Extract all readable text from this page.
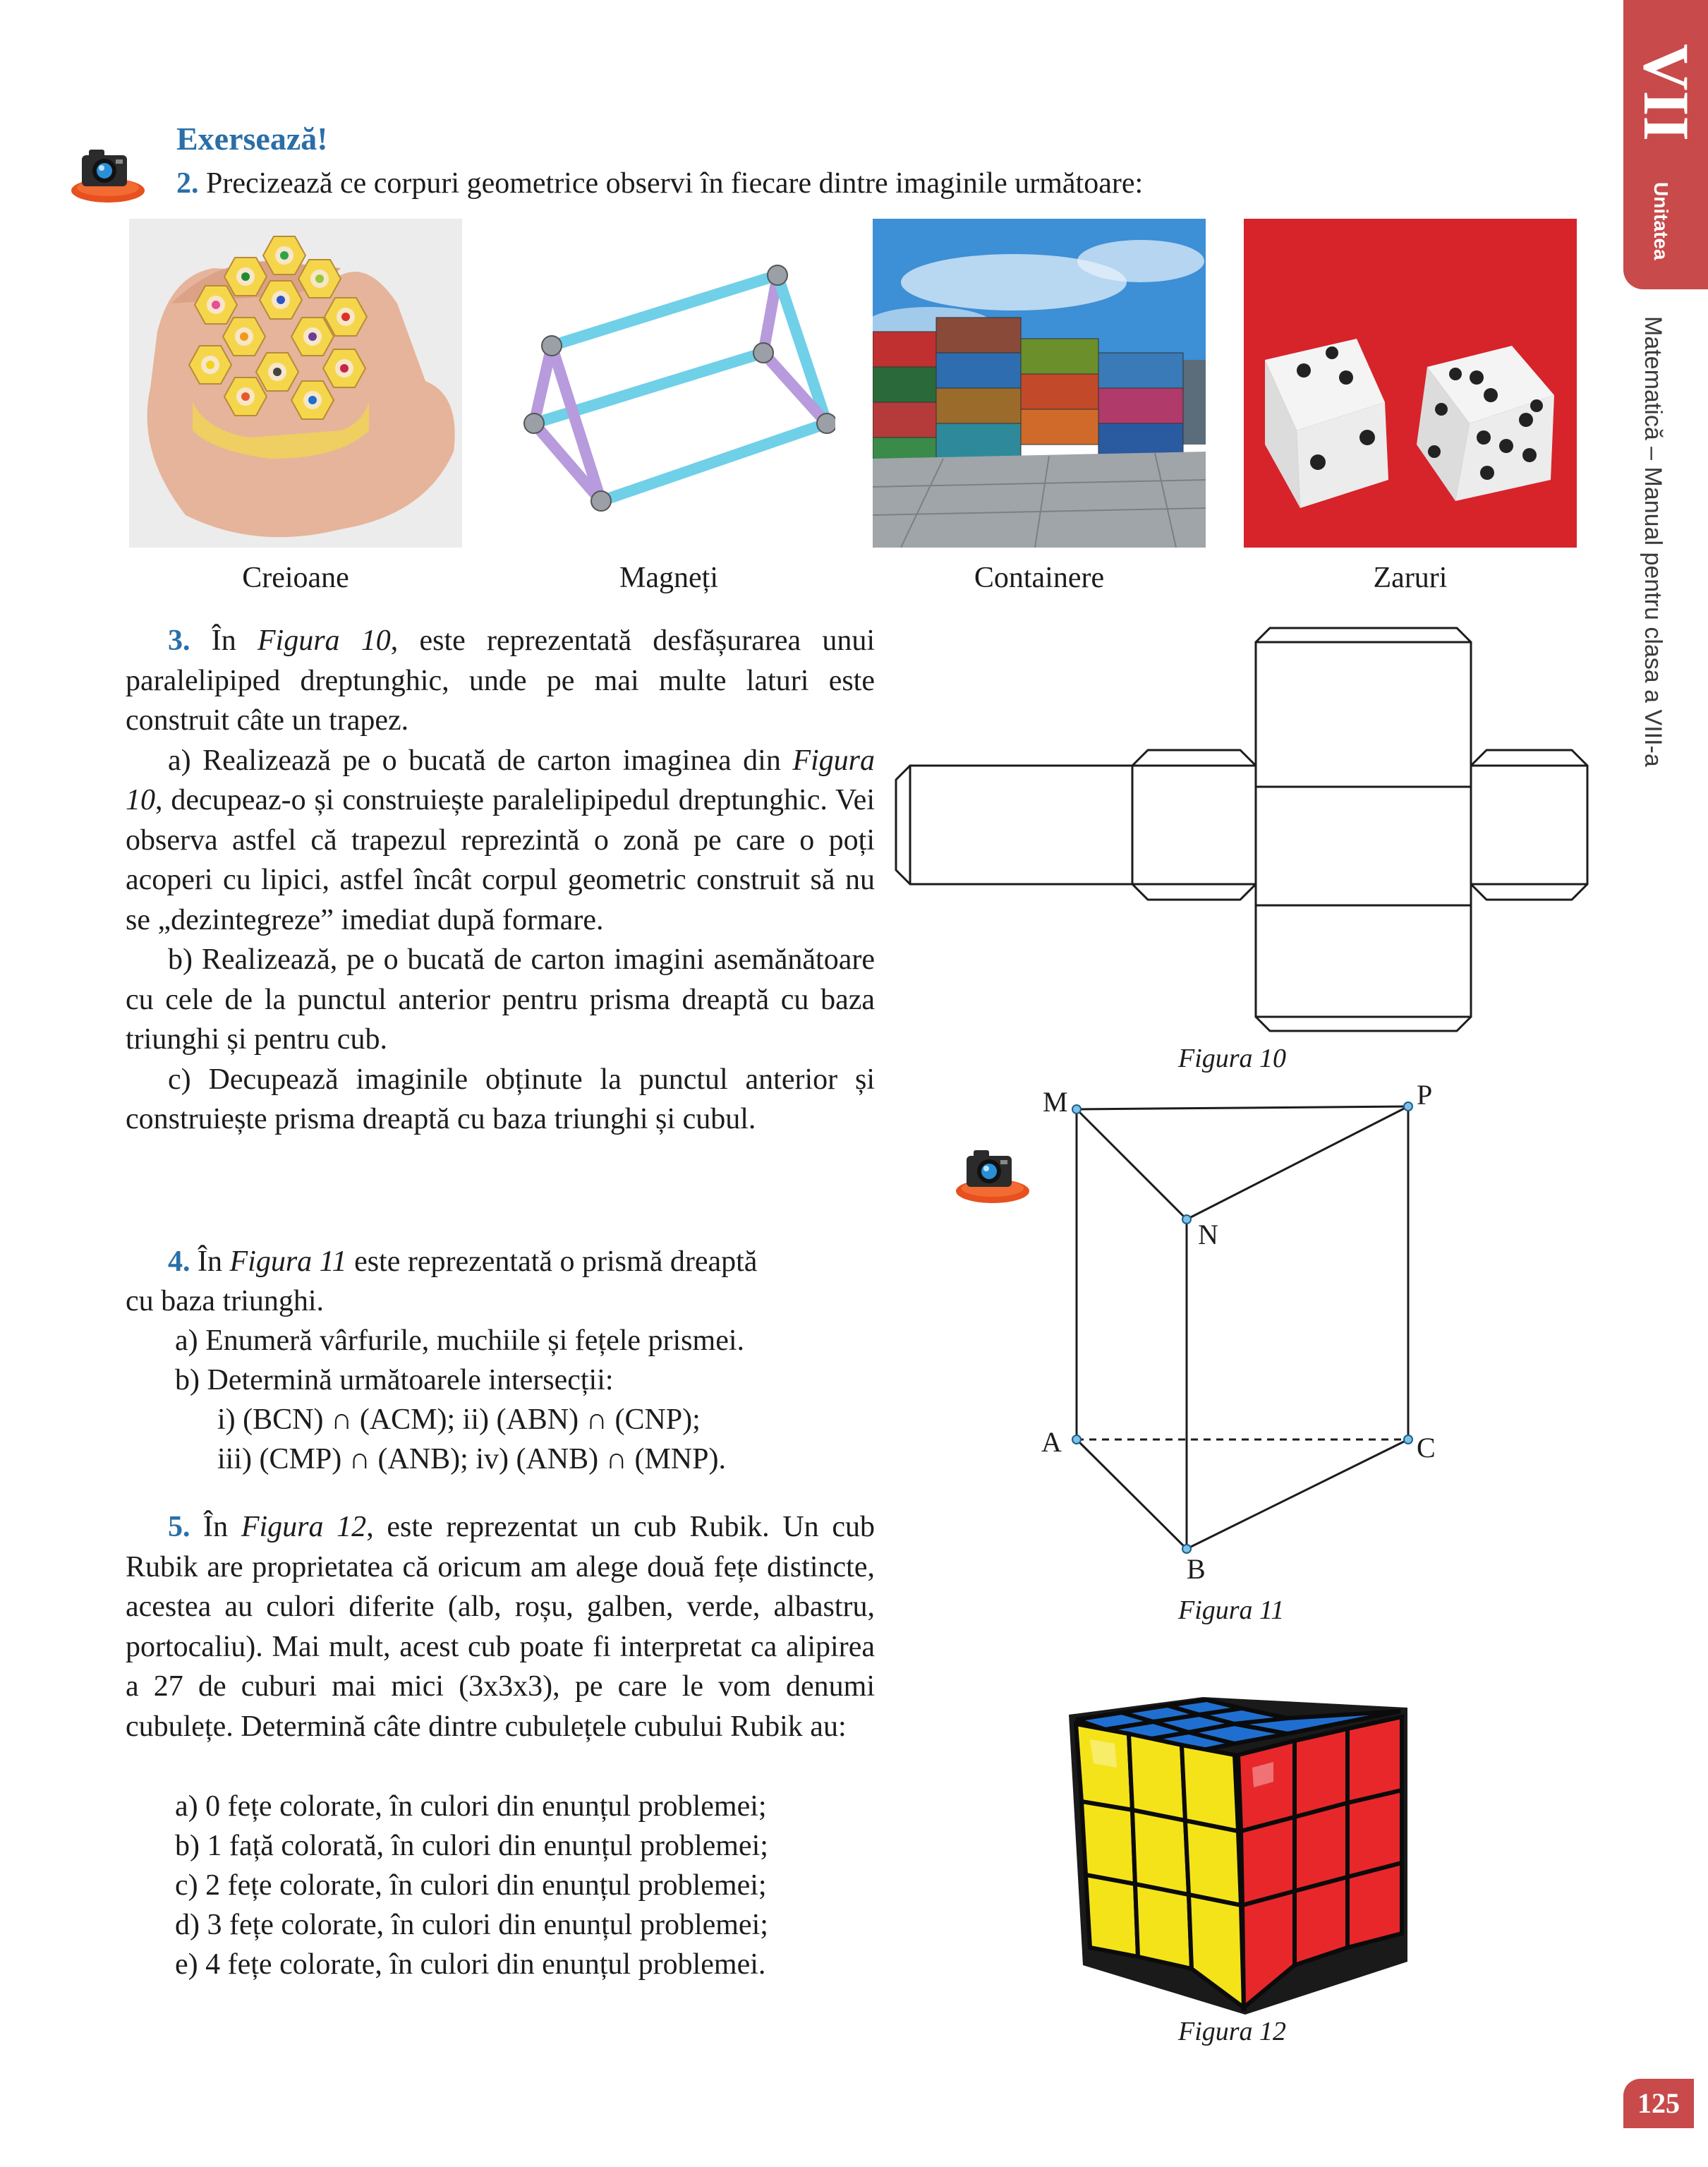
VII
Unitatea
Matematică – Manual pentru clasa a VIII-a
125
Exersează!
2. Precizează ce corpuri geometrice observi în fiecare dintre imaginile următoare:
Creioane	Magneți	Containere	Zaruri

3. În Figura 10, este reprezentată desfășurarea unui paralelipiped dreptunghic, unde pe mai multe laturi este construit câte un trapez.

a) Realizează pe o bucată de carton imaginea din Figura 10, decupeaz-o și construiește paralelipipedul dreptunghic. Vei observa astfel că trapezul reprezintă o zonă pe care o poți acoperi cu lipici, astfel încât corpul geometric construit să nu se „dezintegreze” imediat după formare.

b) Realizează, pe o bucată de carton imagini asemănătoare cu cele de la punctul anterior pentru prisma dreaptă cu baza triunghi și pentru cub.

c) Decupează imaginile obținute la punctul anterior și construiește prisma dreaptă cu baza triunghi și cubul.

Figura 10
4. În Figura 11 este reprezentată o prismă dreaptă
cu baza triunghi.
a) Enumeră vârfurile, muchiile și fețele prismei.
b) Determină următoarele intersecții:
i) (BCN) ∩ (ACM); ii) (ABN) ∩ (CNP);
iii) (CMP) ∩ (ANB); iv) (ANB) ∩ (MNP).
M	P
N
A	C
B
Figura 11

5. În Figura 12, este reprezentat un cub Rubik. Un cub Rubik are proprietatea că oricum am alege două fețe distincte, acestea au culori diferite (alb, roșu, galben, verde, albastru, portocaliu). Mai mult, acest cub poate fi interpretat ca alipirea a 27 de cuburi mai mici (3x3x3), pe care le vom denumi cubulețe. Determină câte dintre cubulețele cubului Rubik au:

a) 0 fețe colorate, în culori din enunțul problemei;
b) 1 față colorată, în culori din enunțul problemei;
c) 2 fețe colorate, în culori din enunțul problemei;
d) 3 fețe colorate, în culori din enunțul problemei;
e) 4 fețe colorate, în culori din enunțul problemei.
Figura 12
